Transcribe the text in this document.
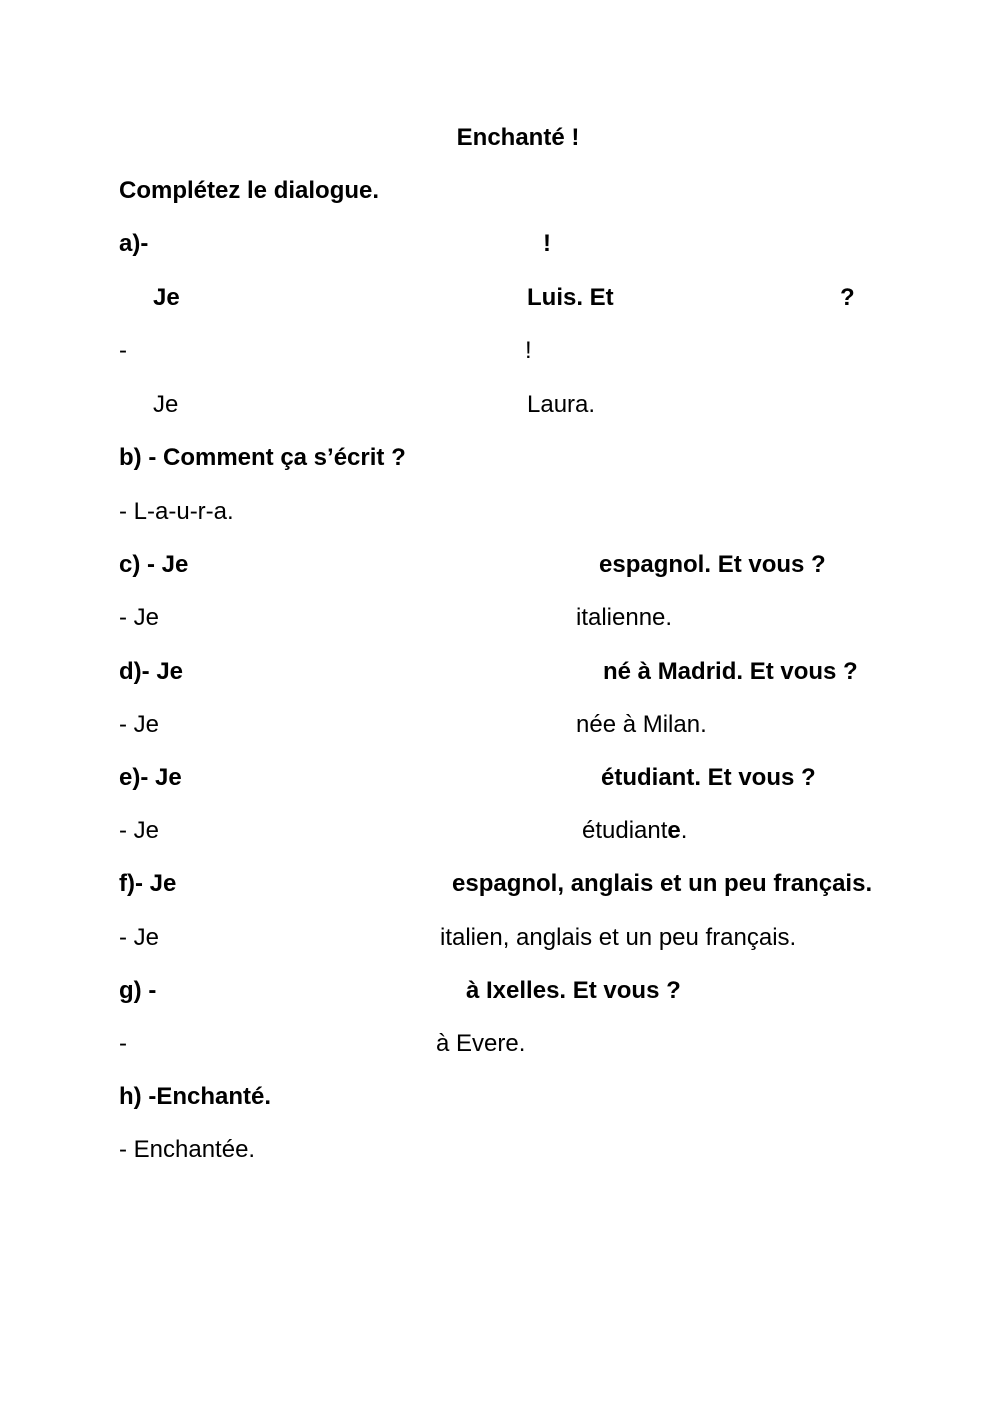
Enchanté !
Complétez le dialogue.
a)-	!
Je	Luis. Et	?
-	!
Je	Laura.
b) - Comment ça s’écrit ?
- L-a-u-r-a.
c) - Je	espagnol. Et vous ?
- Je	italienne.
d)- Je	né à Madrid. Et vous ?
- Je	née à Milan.
e)- Je	étudiant. Et vous ?
- Je	étudiante.
f)- Je	espagnol, anglais et un peu français.
- Je	italien, anglais et un peu français.
g) -	à Ixelles. Et vous ?
-	à Evere.
h) -Enchanté.
- Enchantée.
